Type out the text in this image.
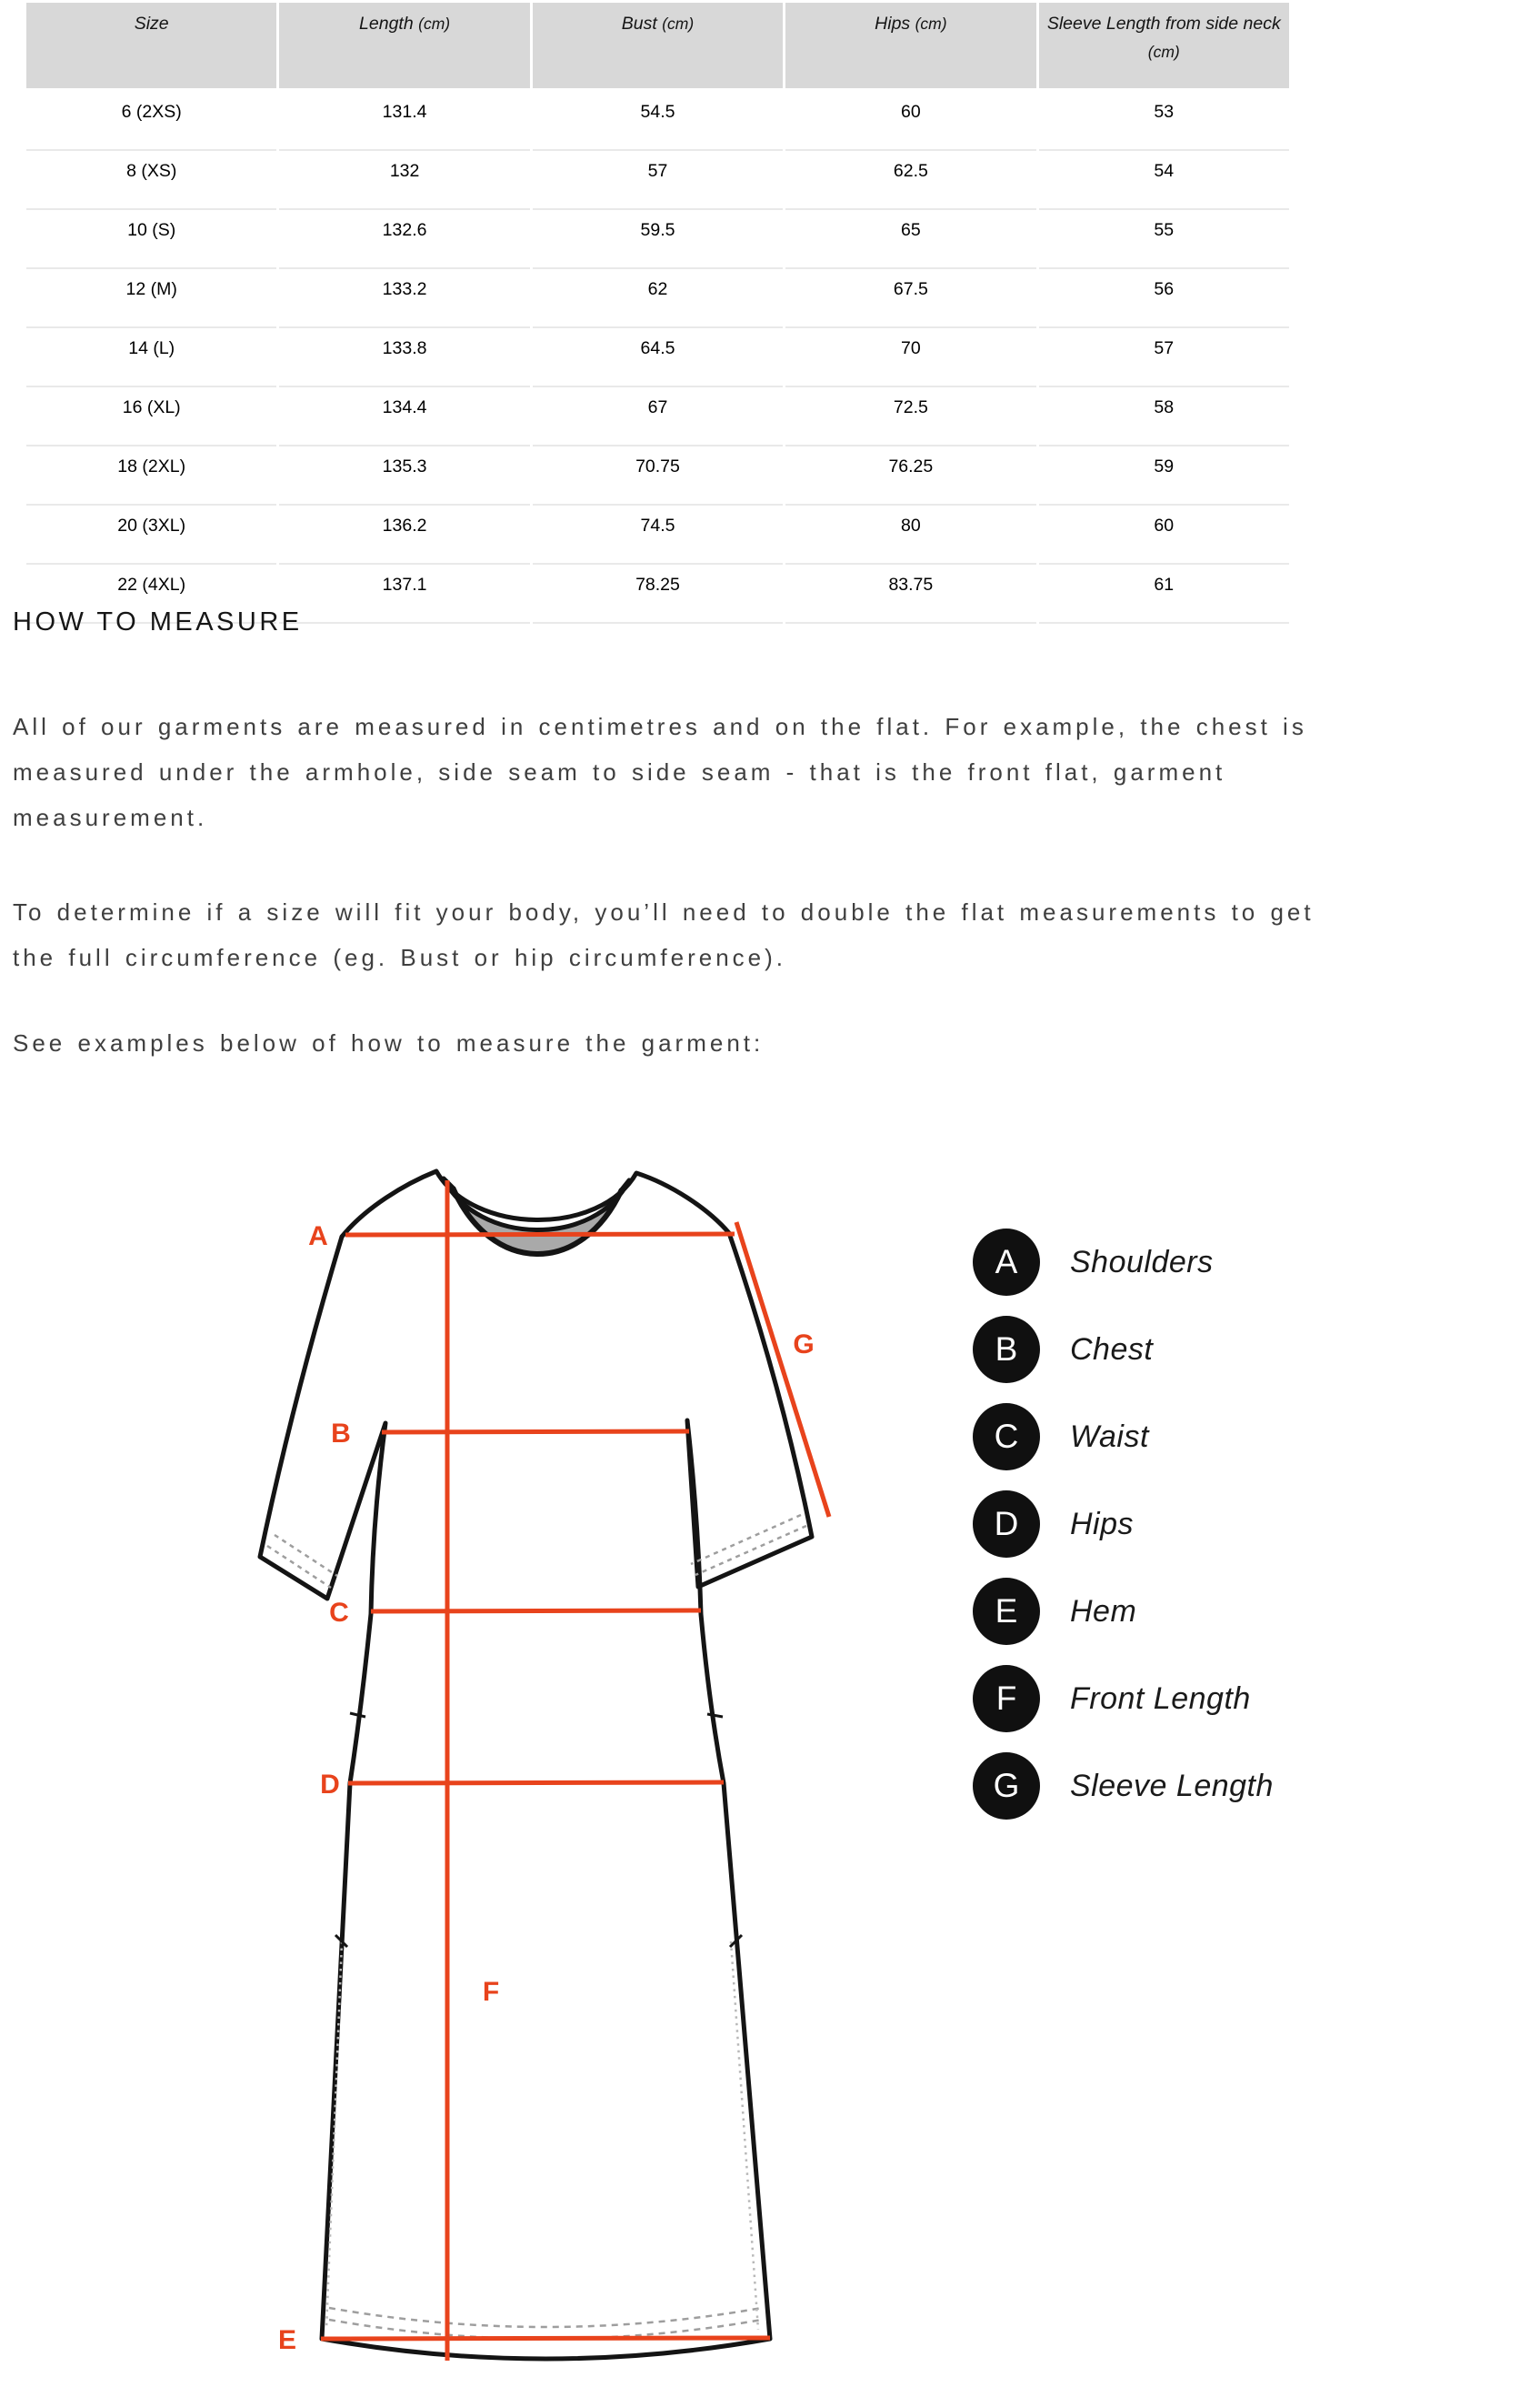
Size	Length (cm)	Bust (cm)	Hips (cm)	Sleeve Length from side neck
(cm)

6 (2XS)	131.4	54.5	60	53
8 (XS)	132	57	62.5	54
10 (S)	132.6	59.5	65	55
12 (M)	133.2	62	67.5	56
14 (L)	133.8	64.5	70	57
16 (XL)	134.4	67	72.5	58
18 (2XL)	135.3	70.75	76.25	59
20 (3XL)	136.2	74.5	80	60
22 (4XL)	137.1	78.25	83.75	61
HOW TO MEASURE

All of our garments are measured in centimetres and on the flat. For example, the chest is measured under the armhole, side seam to side seam - that is the front flat, garment measurement.

To determine if a size will fit your body, you’ll need to double the flat measurements to get the full circumference (eg. Bust or hip circumference).

See examples below of how to measure the garment:

A
B
C
D
E
F
G
A Shoulders
B Chest
C Waist
D Hips
E Hem
F Front Length
G Sleeve Length
